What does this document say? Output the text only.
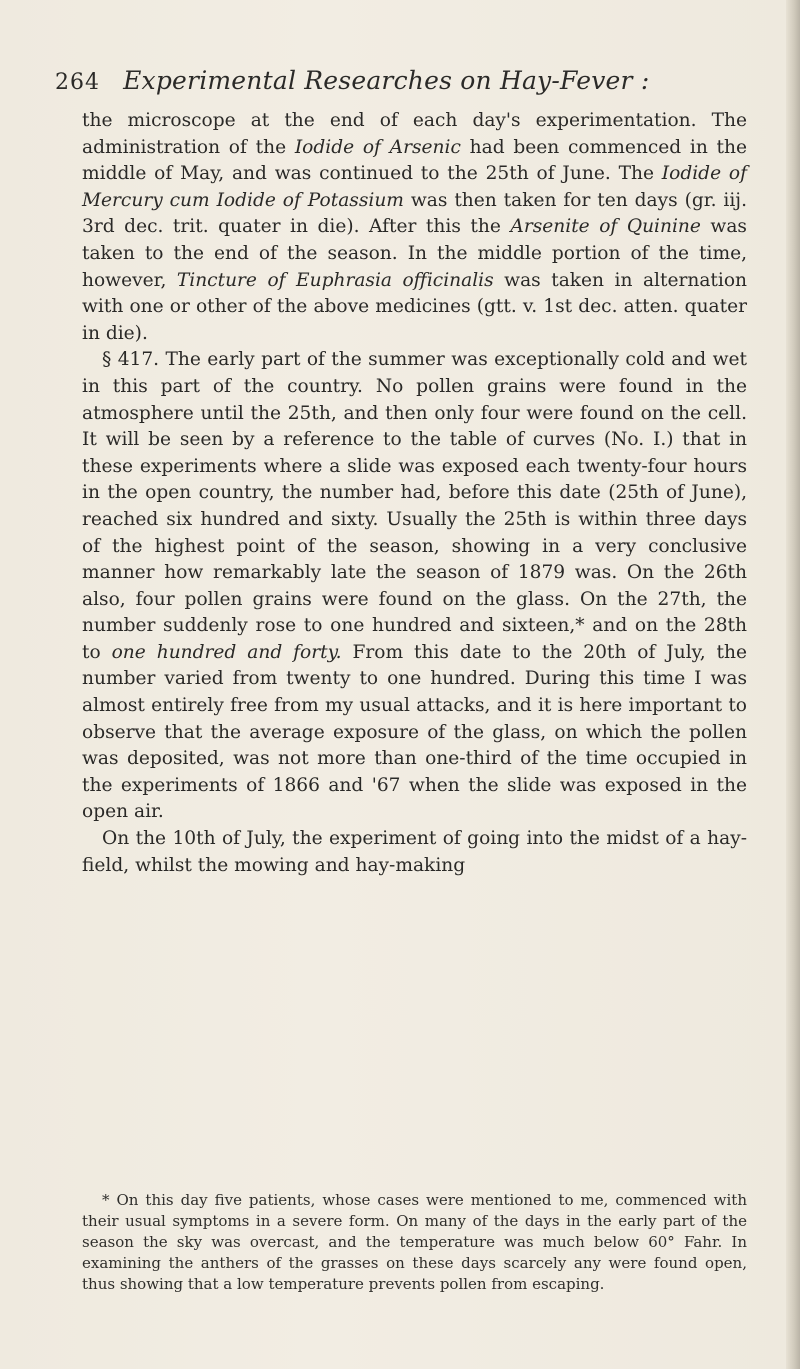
264 Experimental Researches on Hay-Fever :

the microscope at the end of each day's experimentation. The administration of the Iodide of Arsenic had been commenced in the middle of May, and was continued to the 25th of June. The Iodide of Mercury cum Iodide of Potassium was then taken for ten days (gr. iij. 3rd dec. trit. quater in die). After this the Arsenite of Quinine was taken to the end of the season. In the middle portion of the time, however, Tincture of Euphrasia officinalis was taken in alternation with one or other of the above medicines (gtt. v. 1st dec. atten. quater in die).

§ 417. The early part of the summer was exceptionally cold and wet in this part of the country. No pollen grains were found in the atmosphere until the 25th, and then only four were found on the cell. It will be seen by a reference to the table of curves (No. I.) that in these experiments where a slide was exposed each twenty-four hours in the open country, the number had, before this date (25th of June), reached six hundred and sixty. Usually the 25th is within three days of the highest point of the season, showing in a very conclusive manner how remarkably late the season of 1879 was. On the 26th also, four pollen grains were found on the glass. On the 27th, the number suddenly rose to one hundred and sixteen,* and on the 28th to one hundred and forty. From this date to the 20th of July, the number varied from twenty to one hundred. During this time I was almost entirely free from my usual attacks, and it is here important to observe that the average exposure of the glass, on which the pollen was deposited, was not more than one-third of the time occupied in the experiments of 1866 and '67 when the slide was exposed in the open air.

On the 10th of July, the experiment of going into the midst of a hay-field, whilst the mowing and hay-making

* On this day five patients, whose cases were mentioned to me, commenced with their usual symptoms in a severe form. On many of the days in the early part of the season the sky was overcast, and the temperature was much below 60° Fahr. In examining the anthers of the grasses on these days scarcely any were found open, thus showing that a low temperature prevents pollen from escaping.
